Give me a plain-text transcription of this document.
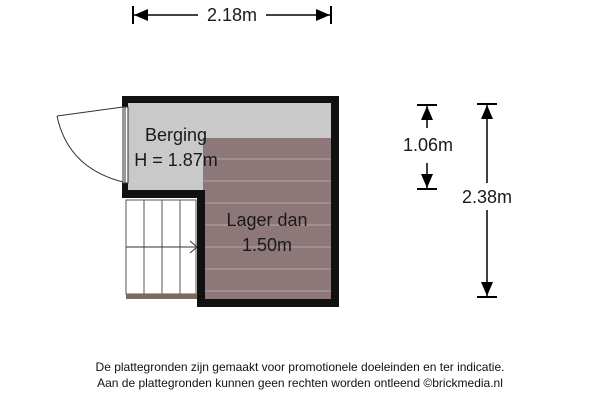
2.18m
Berging
H = 1.87m
Lager dan
1.50m
1.06m
2.38m
De plattegronden zijn gemaakt voor promotionele doeleinden en ter indicatie.
Aan de plattegronden kunnen geen rechten worden ontleend ©brickmedia.nl
